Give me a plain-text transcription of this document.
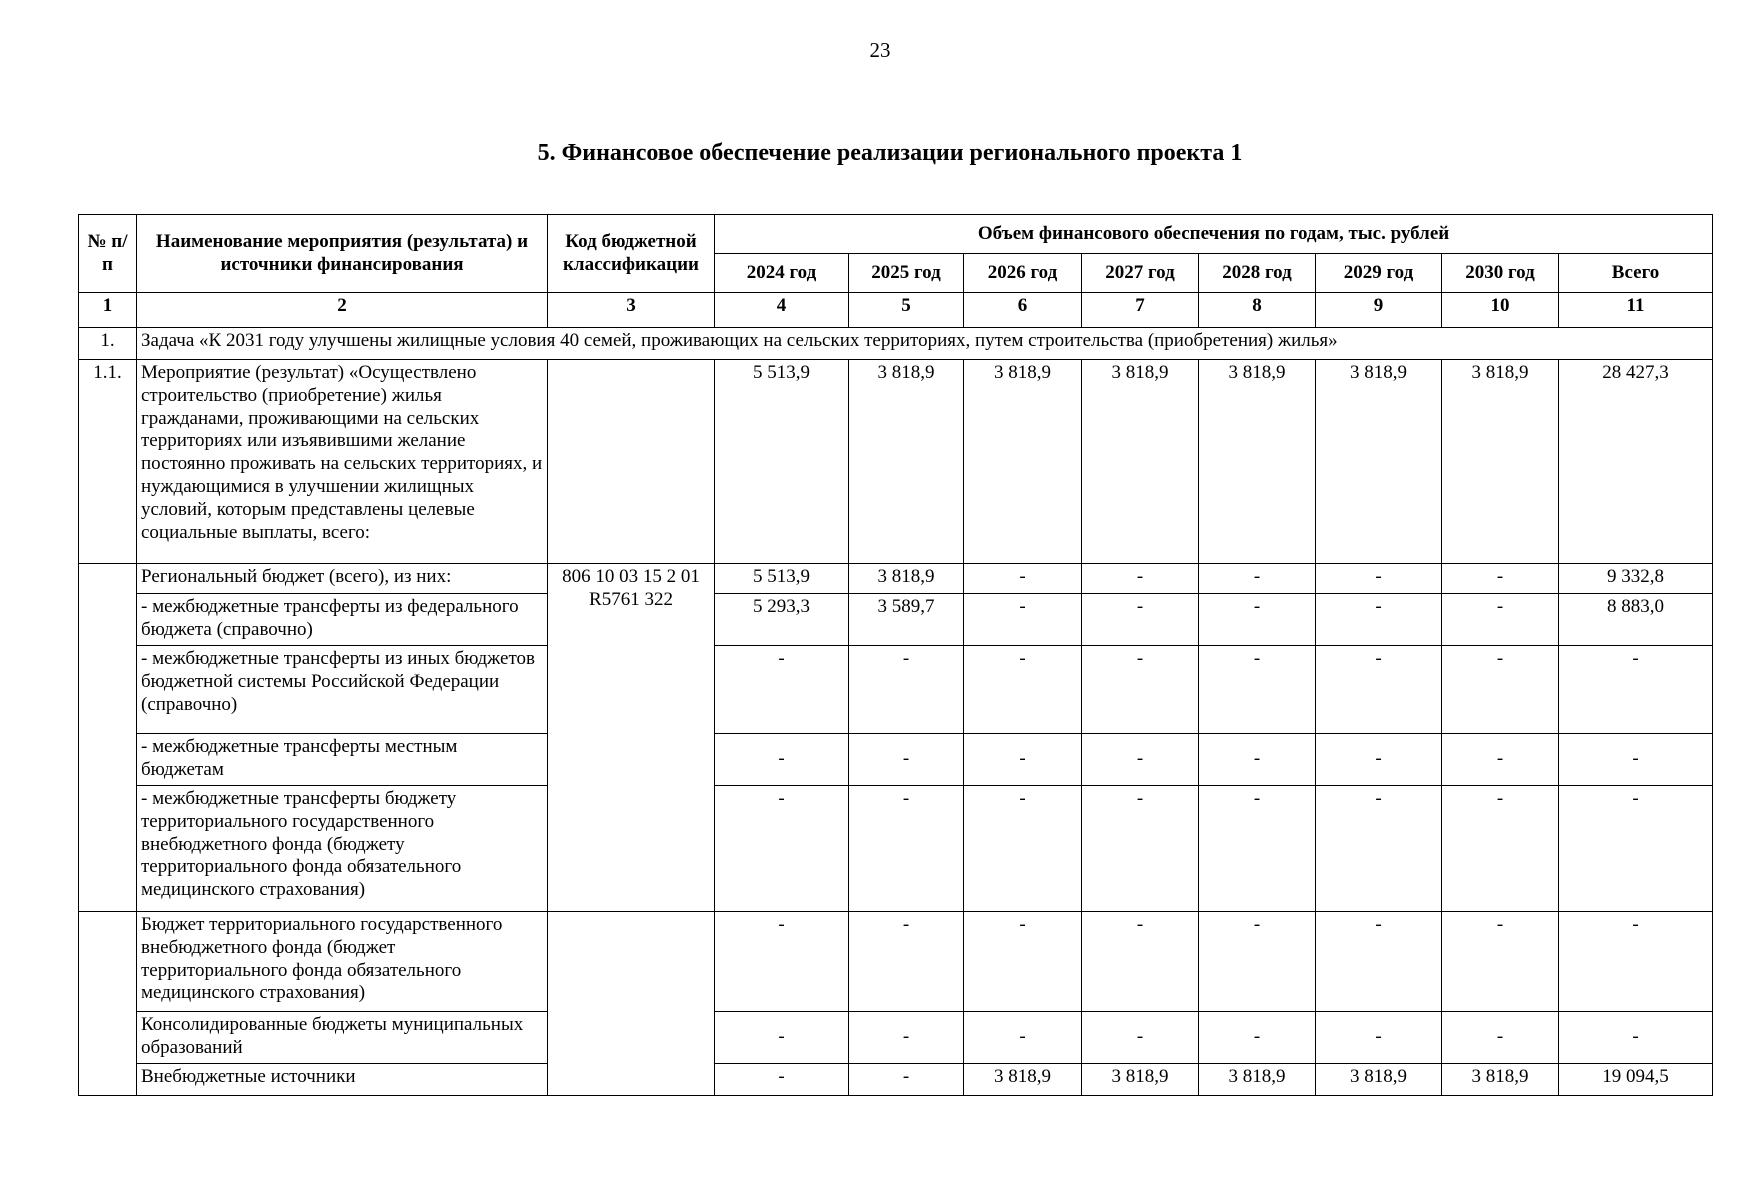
23
5. Финансовое обеспечение реализации регионального проекта 1
№ п/п	Наименование мероприятия (результата) и источники финансирования	Код бюджетной классификации	Объем финансового обеспечения по годам, тыс. рублей							
			2024 год	2025 год	2026 год	2027 год	2028 год	2029 год	2030 год	Всего
1	2	3	4	5	6	7	8	9	10	11
1.	Задача «К 2031 году улучшены жилищные условия 40 семей, проживающих на сельских территориях, путем строительства (приобретения) жилья»									
1.1.	Мероприятие (результат) «Осуществлено строительство (приобретение) жилья гражданами, проживающими на сельских территориях или изъявившими желание постоянно проживать на сельских территориях, и нуждающимися в улучшении жилищных условий, которым представлены целевые социальные выплаты, всего:		5 513,9	3 818,9	3 818,9	3 818,9	3 818,9	3 818,9	3 818,9	28 427,3
	Региональный бюджет (всего), из них:	806 10 03 15 2 01 R5761 322	5 513,9	3 818,9	-	-	-	-	-	9 332,8
	- межбюджетные трансферты из федерального бюджета (справочно)		5 293,3	3 589,7	-	-	-	-	-	8 883,0
	- межбюджетные трансферты из иных бюджетов бюджетной системы Российской Федерации (справочно)		-	-	-	-	-	-	-	-
	- межбюджетные трансферты местным бюджетам		-	-	-	-	-	-	-	-
	- межбюджетные трансферты бюджету территориального государственного внебюджетного фонда (бюджету территориального фонда обязательного медицинского страхования)		-	-	-	-	-	-	-	-
	Бюджет территориального государственного внебюджетного фонда (бюджет территориального фонда обязательного медицинского страхования)		-	-	-	-	-	-	-	-
	Консолидированные бюджеты муниципальных образований		-	-	-	-	-	-	-	-
	Внебюджетные источники		-	-	3 818,9	3 818,9	3 818,9	3 818,9	3 818,9	19 094,5
